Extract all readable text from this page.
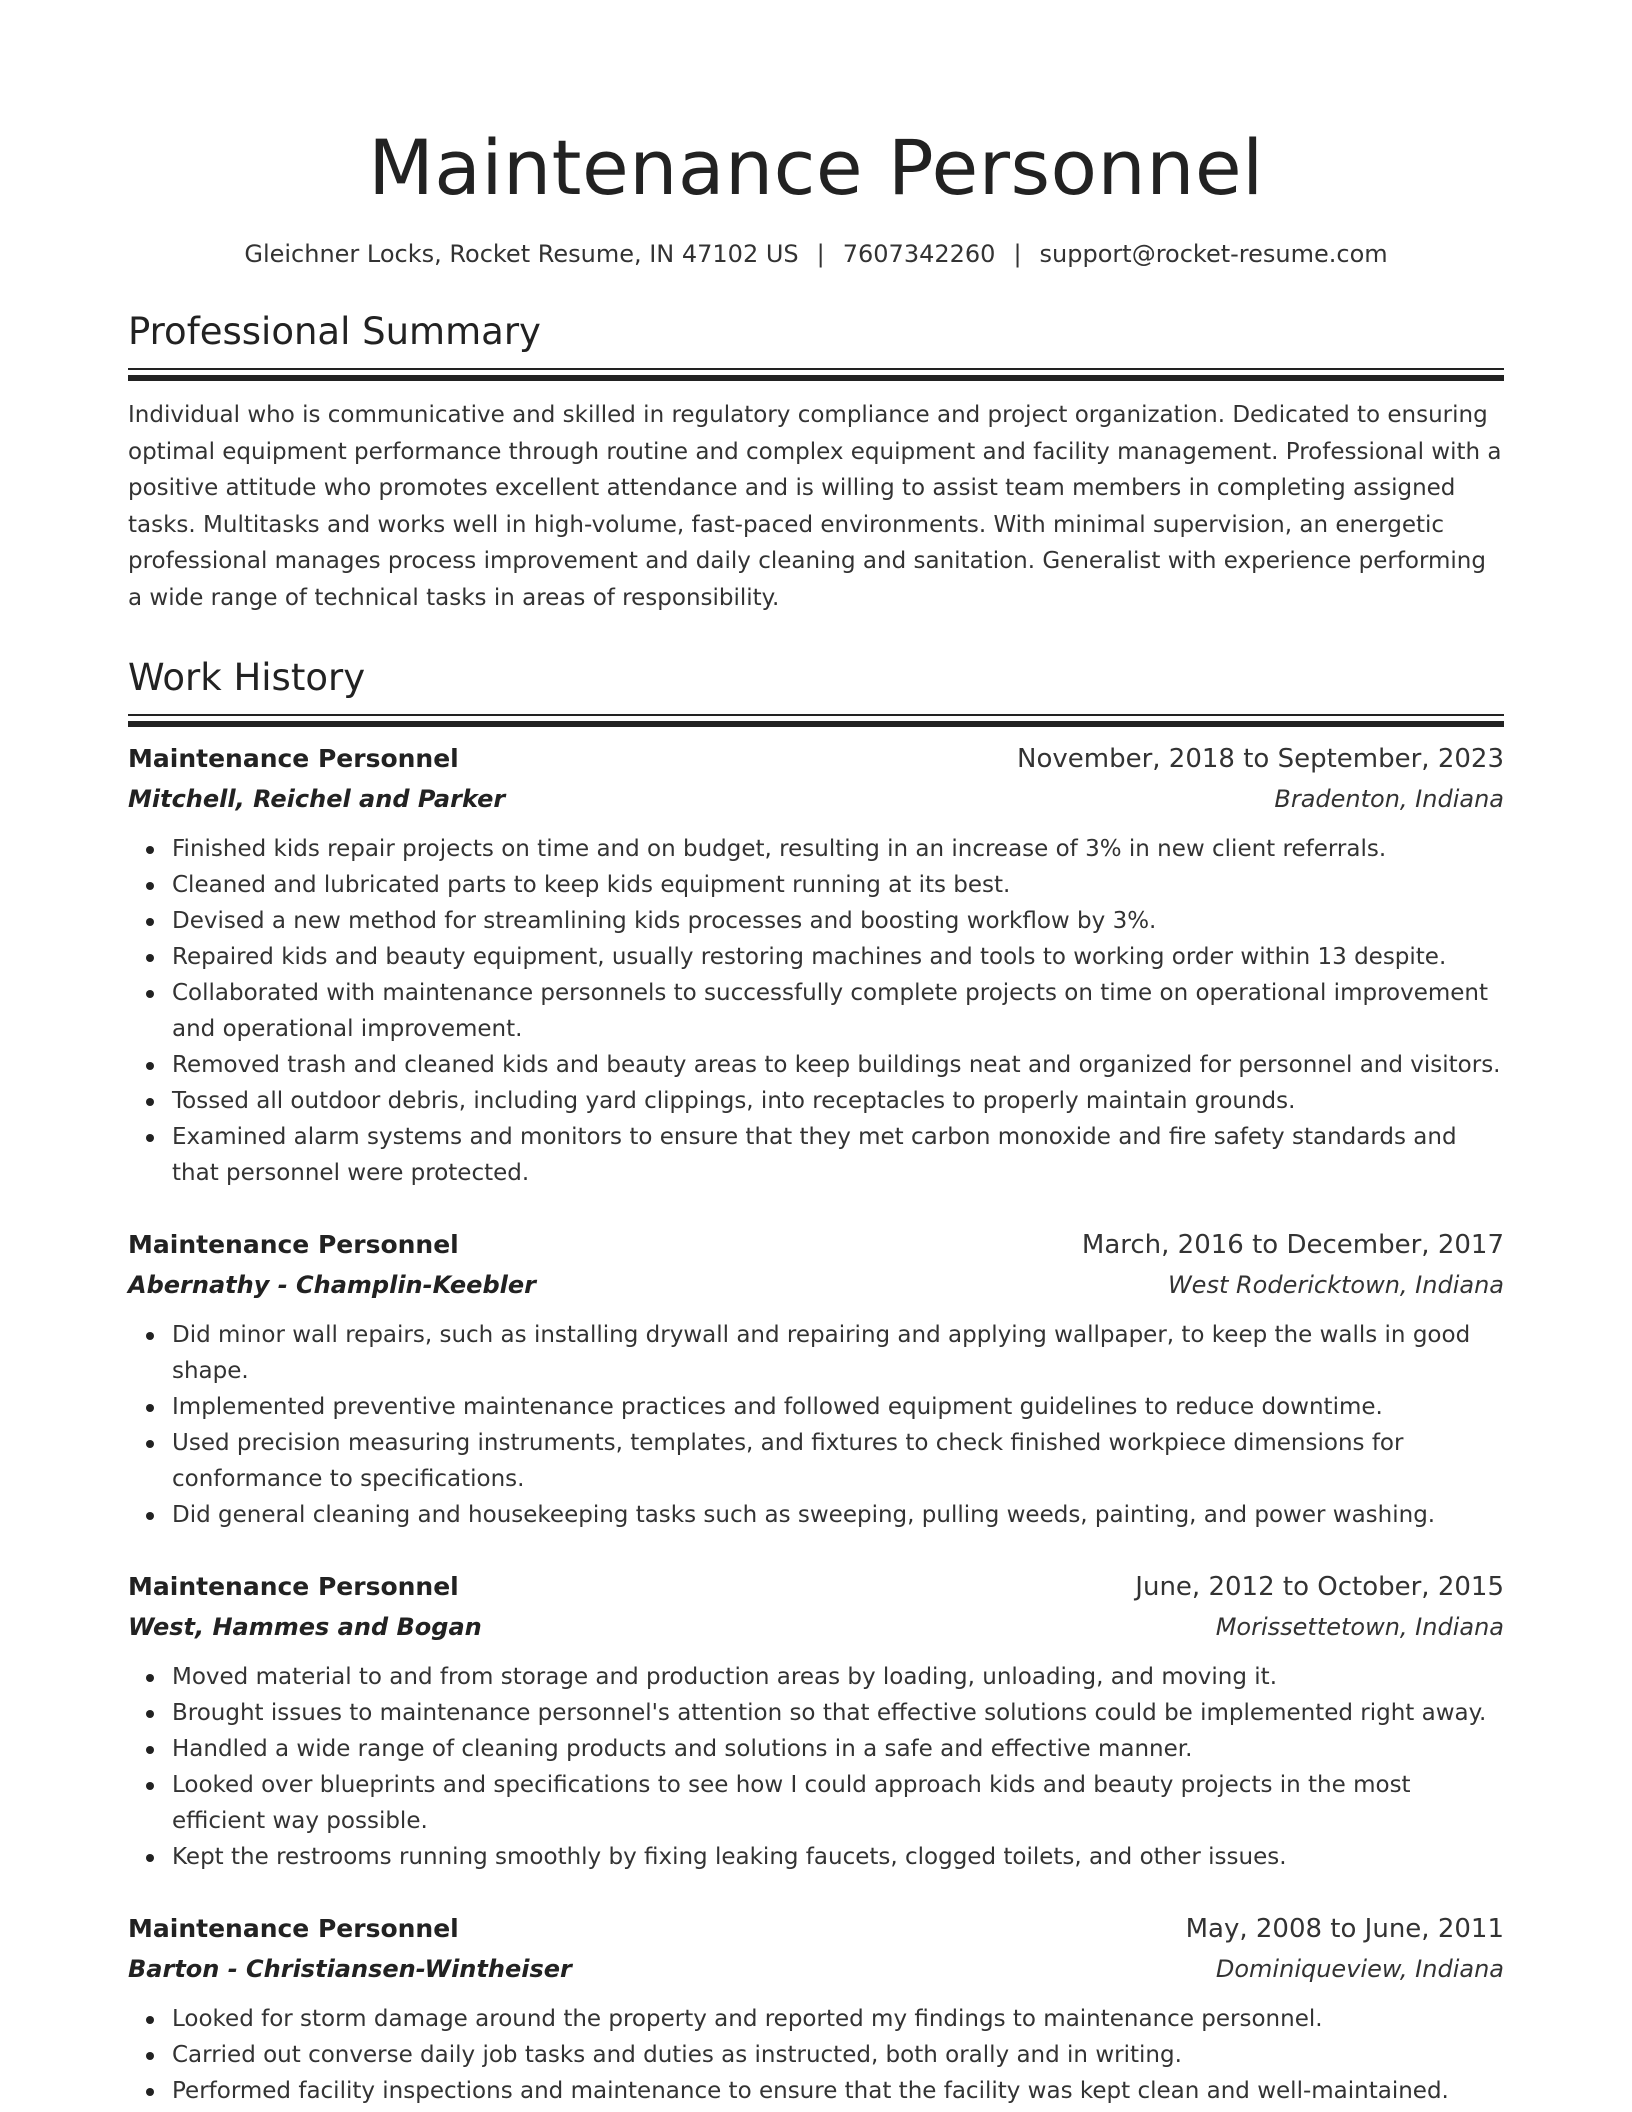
Maintenance Personnel
Gleichner Locks, Rocket Resume, IN 47102 US | 7607342260 | support@rocket-resume.com
Professional Summary

Individual who is communicative and skilled in regulatory compliance and project organization. Dedicated to ensuring optimal equipment performance through routine and complex equipment and facility management. Professional with a positive attitude who promotes excellent attendance and is willing to assist team members in completing assigned tasks. Multitasks and works well in high-volume, fast-paced environments. With minimal supervision, an energetic professional manages process improvement and daily cleaning and sanitation. Generalist with experience performing a wide range of technical tasks in areas of responsibility.

Work History
Maintenance Personnel	November, 2018 to September, 2023
Mitchell, Reichel and Parker	Bradenton, Indiana
Finished kids repair projects on time and on budget, resulting in an increase of 3% in new client referrals.
Cleaned and lubricated parts to keep kids equipment running at its best.
Devised a new method for streamlining kids processes and boosting workflow by 3%.
Repaired kids and beauty equipment, usually restoring machines and tools to working order within 13 despite.
Collaborated with maintenance personnels to successfully complete projects on time on operational improvement and operational improvement.
Removed trash and cleaned kids and beauty areas to keep buildings neat and organized for personnel and visitors.
Tossed all outdoor debris, including yard clippings, into receptacles to properly maintain grounds.
Examined alarm systems and monitors to ensure that they met carbon monoxide and fire safety standards and that personnel were protected.
Maintenance Personnel	March, 2016 to December, 2017
Abernathy - Champlin-Keebler	West Rodericktown, Indiana
Did minor wall repairs, such as installing drywall and repairing and applying wallpaper, to keep the walls in good shape.
Implemented preventive maintenance practices and followed equipment guidelines to reduce downtime.
Used precision measuring instruments, templates, and fixtures to check finished workpiece dimensions for conformance to specifications.
Did general cleaning and housekeeping tasks such as sweeping, pulling weeds, painting, and power washing.
Maintenance Personnel	June, 2012 to October, 2015
West, Hammes and Bogan	Morissettetown, Indiana
Moved material to and from storage and production areas by loading, unloading, and moving it.
Brought issues to maintenance personnel's attention so that effective solutions could be implemented right away.
Handled a wide range of cleaning products and solutions in a safe and effective manner.
Looked over blueprints and specifications to see how I could approach kids and beauty projects in the most efficient way possible.
Kept the restrooms running smoothly by fixing leaking faucets, clogged toilets, and other issues.
Maintenance Personnel	May, 2008 to June, 2011
Barton - Christiansen-Wintheiser	Dominiqueview, Indiana
Looked for storm damage around the property and reported my findings to maintenance personnel.
Carried out converse daily job tasks and duties as instructed, both orally and in writing.
Performed facility inspections and maintenance to ensure that the facility was kept clean and well-maintained.
